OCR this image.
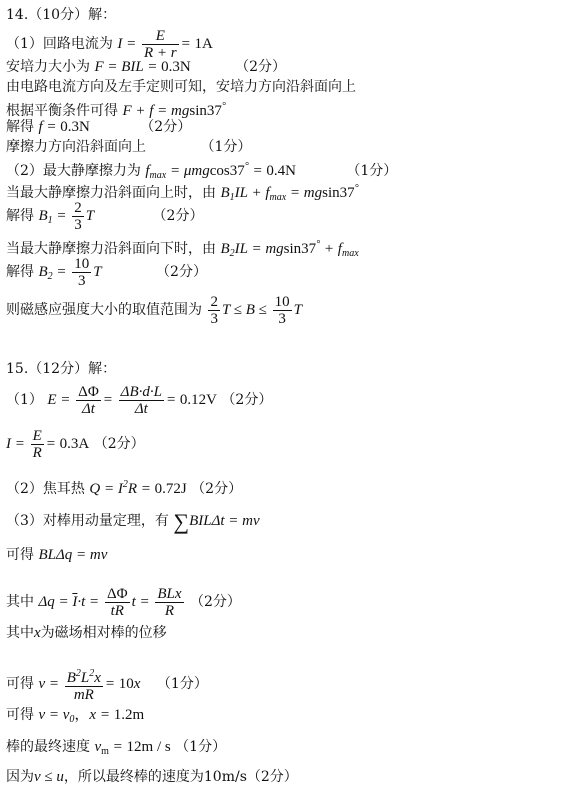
14.（10分）解：
（1）回路电流为 $I = \frac{E}{R + r} = 1A$
安培力大小为 F = BIL = 0.3N	（2分）
由电路电流方向及左手定则可知，安培力方向沿斜面向上
根据平衡条件可得 F + f = mgsin37°
解得 f = 0.3N	（2分）
摩擦力方向沿斜面向上	（1分）
（2）最大静摩擦力为 $f_{max} = \mu mgcos37^\circ = 0.4N$	（1分）
当最大静摩擦力沿斜面向上时，由 $B_1IL + f_{max} = mgsin37^\circ$
解得 $B_1 = \frac{2}{3}$ T	（2分）
当最大静摩擦力沿斜面向下时，由 $B_2IL = mgsin37^\circ + f_{max}$
解得 $B_2 = \frac{10}{3}$ T	（2分）
则磁感应强度大小的取值范围为 $\frac{2}{3}$ $T \le B \le \frac{10}{3}$ T
15.（12分）解：
（1） $E = \frac{\Delta\Phi}{\Delta t} = \frac{\Delta B\cdot d\cdot L}{\Delta t} = 0.12V$ （2分）
$I = \frac{E}{R} = 0.3A$ （2分）
（2）焦耳热 $Q = I^2R = 0.72J$ （2分）
（3）对棒用动量定理，有 ∑BILΔt = mv
可得 BLΔq = mv
其中 $\Delta q = \overline{I}\cdot t = \frac{\Delta\Phi}{tR}$ $t = \frac{\text{BLx}}{R} (2$分）
其中x为磁场相对棒的位移
可得 $v = \frac{B^2L^2x}{mR} = 10x$ （1分）
可得 $v = v_0$，x = 1.2m
棒的最终速度 $v_m = 12m / s$ （1分）
因为v ≤ u，所以最终棒的速度为10m/s（2分）
